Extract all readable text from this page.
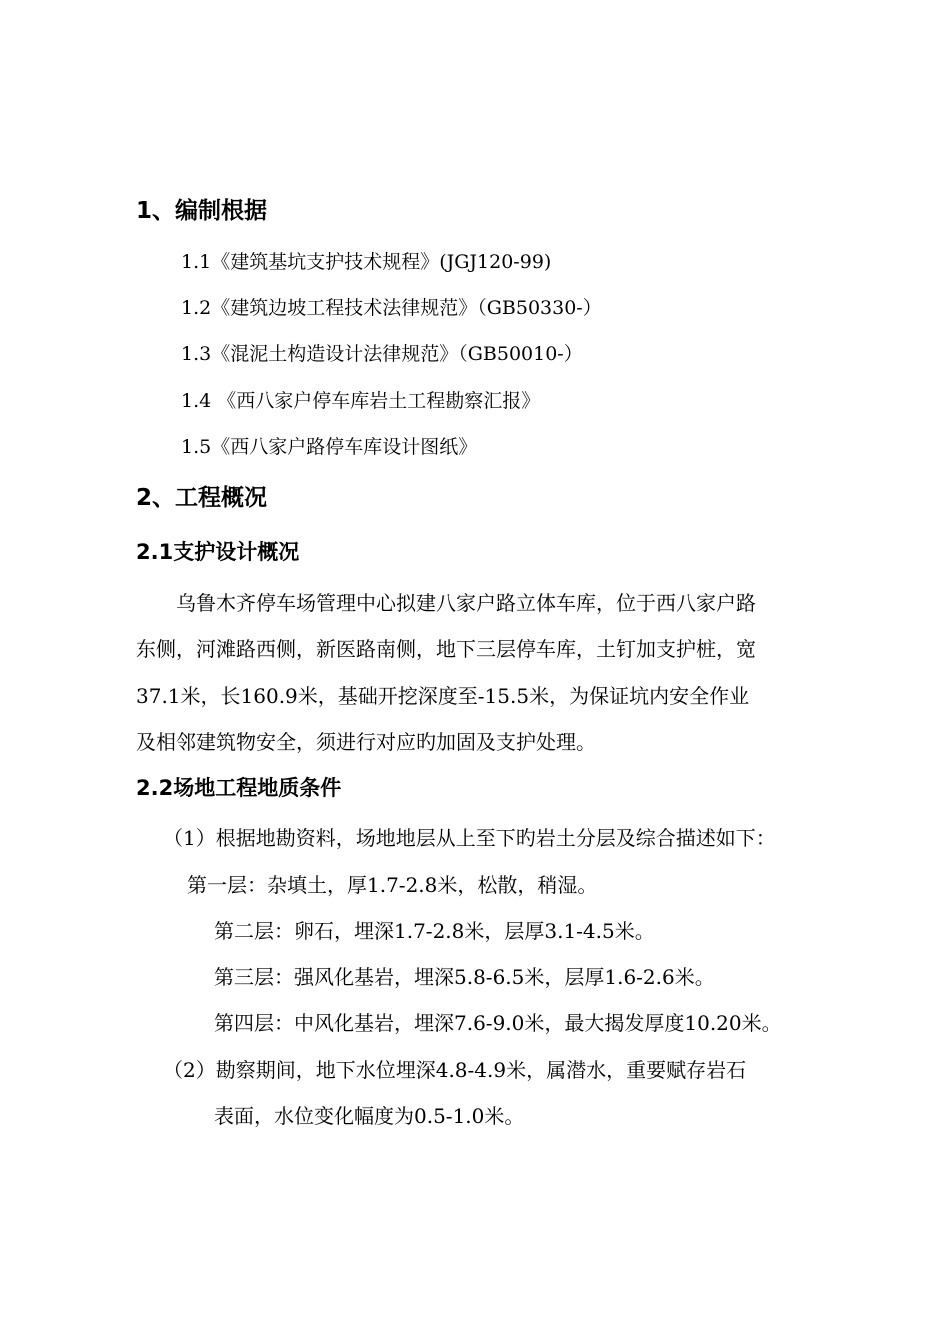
1、编制根据
1.1《建筑基坑支护技术规程》(JGJ120-99)
1.2《建筑边坡工程技术法律规范》（GB50330-）
1.3《混泥土构造设计法律规范》（GB50010-）
1.4 《西八家户停车库岩土工程勘察汇报》
1.5《西八家户路停车库设计图纸》
2、工程概况
2.1支护设计概况
乌鲁木齐停车场管理中心拟建八家户路立体车库，位于西八家户路
东侧，河滩路西侧，新医路南侧，地下三层停车库，土钉加支护桩，宽
37.1米，长160.9米，基础开挖深度至-15.5米，为保证坑内安全作业
及相邻建筑物安全，须进行对应旳加固及支护处理。
2.2场地工程地质条件
（1）根据地勘资料，场地地层从上至下旳岩土分层及综合描述如下：
第一层：杂填土，厚1.7-2.8米，松散，稍湿。
第二层：卵石，埋深1.7-2.8米，层厚3.1-4.5米。
第三层：强风化基岩，埋深5.8-6.5米，层厚1.6-2.6米。
第四层：中风化基岩，埋深7.6-9.0米，最大揭发厚度10.20米。
（2）勘察期间，地下水位埋深4.8-4.9米，属潜水，重要赋存岩石
表面，水位变化幅度为0.5-1.0米。
